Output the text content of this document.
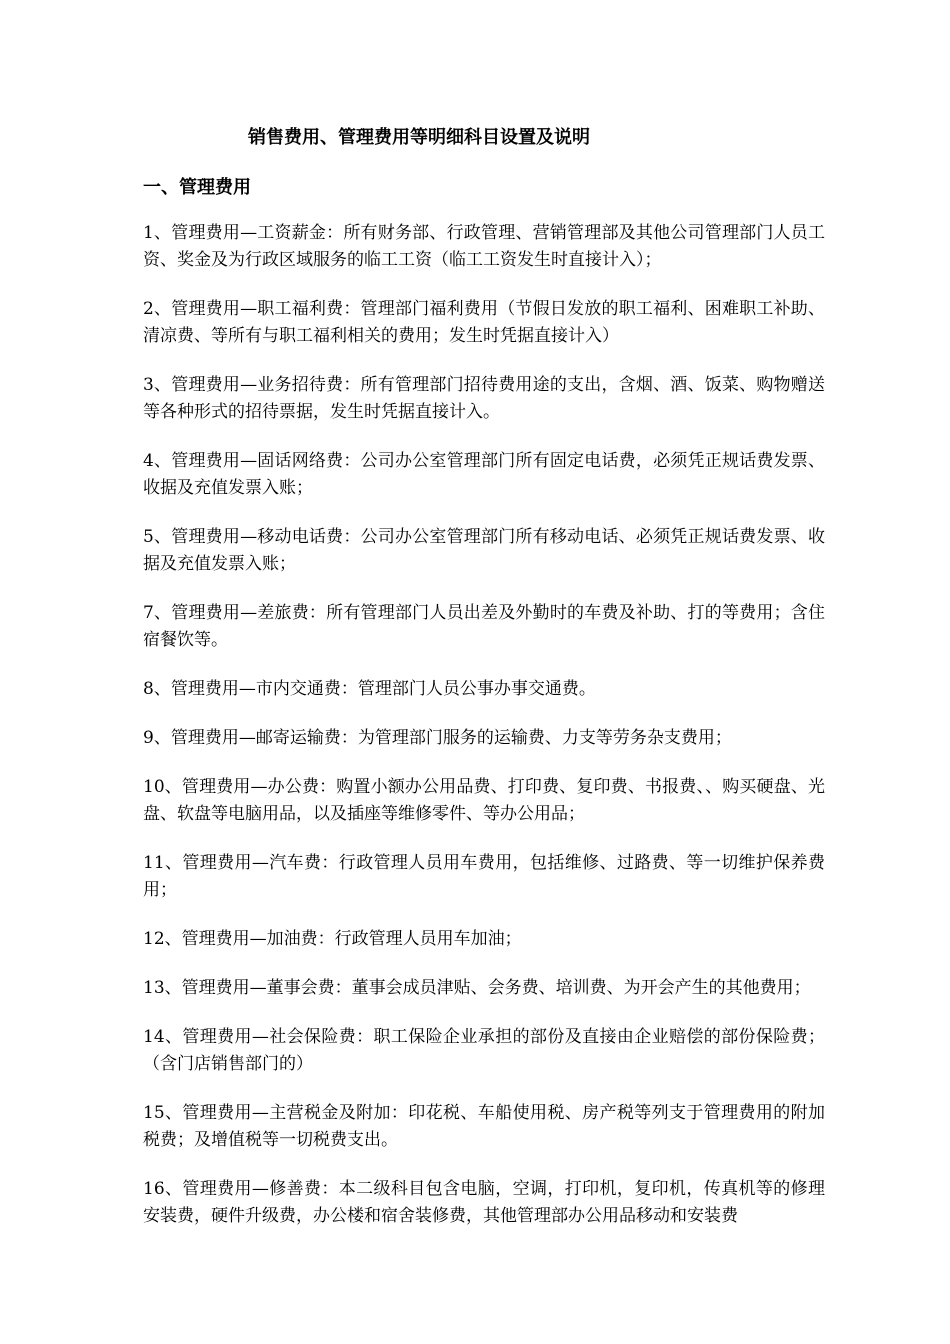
销售费用、管理费用等明细科目设置及说明
一、管理费用

1、管理费用—工资薪金：所有财务部、行政管理、营销管理部及其他公司管理部门人员工资、奖金及为行政区域服务的临工工资（临工工资发生时直接计入）；

2、管理费用—职工福利费：管理部门福利费用（节假日发放的职工福利、困难职工补助、清凉费、等所有与职工福利相关的费用；发生时凭据直接计入）

3、管理费用—业务招待费：所有管理部门招待费用途的支出，含烟、酒、饭菜、购物赠送等各种形式的招待票据，发生时凭据直接计入。

4、管理费用—固话网络费：公司办公室管理部门所有固定电话费，必须凭正规话费发票、收据及充值发票入账；

5、管理费用—移动电话费：公司办公室管理部门所有移动电话、必须凭正规话费发票、收据及充值发票入账；

7、管理费用—差旅费：所有管理部门人员出差及外勤时的车费及补助、打的等费用；含住宿餐饮等。

8、管理费用—市内交通费：管理部门人员公事办事交通费。

9、管理费用—邮寄运输费：为管理部门服务的运输费、力支等劳务杂支费用；

10、管理费用—办公费：购置小额办公用品费、打印费、复印费、书报费、、购买硬盘、光盘、软盘等电脑用品，以及插座等维修零件、等办公用品；

11、管理费用—汽车费：行政管理人员用车费用，包括维修、过路费、等一切维护保养费用；

12、管理费用—加油费：行政管理人员用车加油；

13、管理费用—董事会费：董事会成员津贴、会务费、培训费、为开会产生的其他费用；

14、管理费用—社会保险费：职工保险企业承担的部份及直接由企业赔偿的部份保险费；（含门店销售部门的）

15、管理费用—主营税金及附加：印花税、车船使用税、房产税等列支于管理费用的附加税费；及增值税等一切税费支出。

16、管理费用—修善费：本二级科目包含电脑，空调，打印机，复印机，传真机等的修理安装费，硬件升级费，办公楼和宿舍装修费，其他管理部办公用品移动和安装费
